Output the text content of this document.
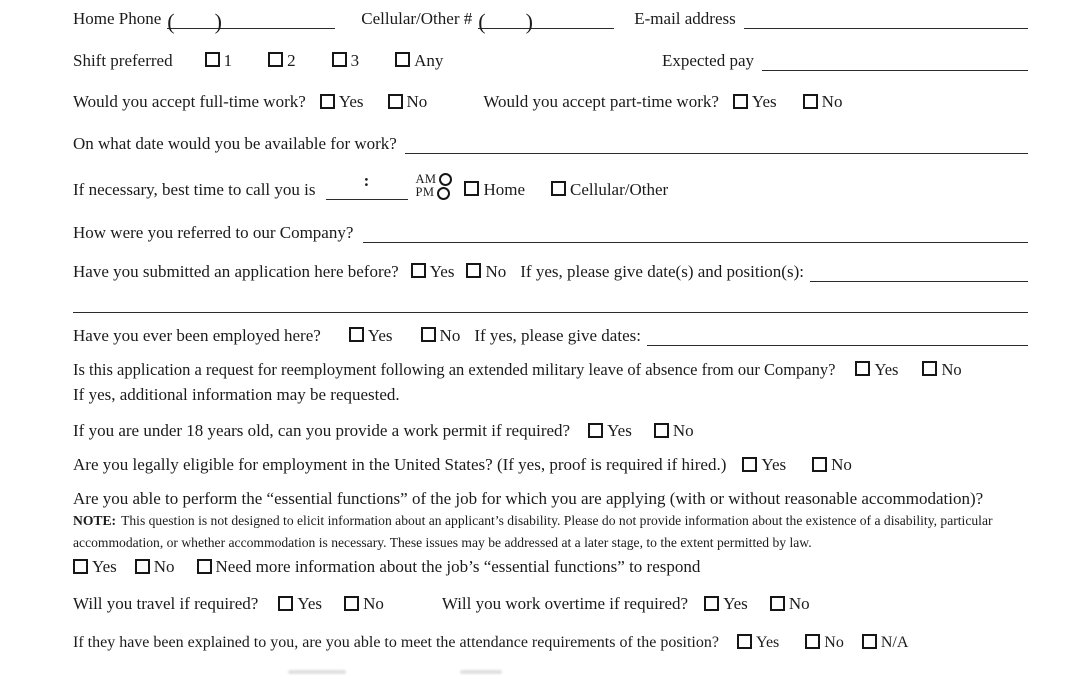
Home Phone (      )	Cellular/Other # (      )	E-mail address
Shift preferred	1	2	3	Any	Expected pay
Would you accept full-time work? Yes	No	Would you accept part-time work? Yes	No
On what date would you be available for work?
If necessary, best time to call you is	:	AM
PM	Home	Cellular/Other
How were you referred to our Company?
Have you submitted an application here before? Yes No If yes, please give date(s) and position(s):
Have you ever been employed here?	Yes	No If yes, please give dates:
Is this application a request for reemployment following an extended military leave of absence from our Company? Yes	No
If yes, additional information may be requested.
If you are under 18 years old, can you provide a work permit if required? Yes No
Are you legally eligible for employment in the United States? (If yes, proof is required if hired.) Yes	No
Are you able to perform the “essential functions” of the job for which you are applying (with or without reasonable accommodation)?
NOTE: This question is not designed to elicit information about an applicant’s disability. Please do not provide information about the existence of a disability, particular
accommodation, or whether accommodation is necessary. These issues may be addressed at a later stage, to the extent permitted by law.
Yes No Need more information about the job’s “essential functions” to respond
Will you travel if required? Yes No	Will you work overtime if required? Yes No
If they have been explained to you, are you able to meet the attendance requirements of the position? Yes	No N/A
